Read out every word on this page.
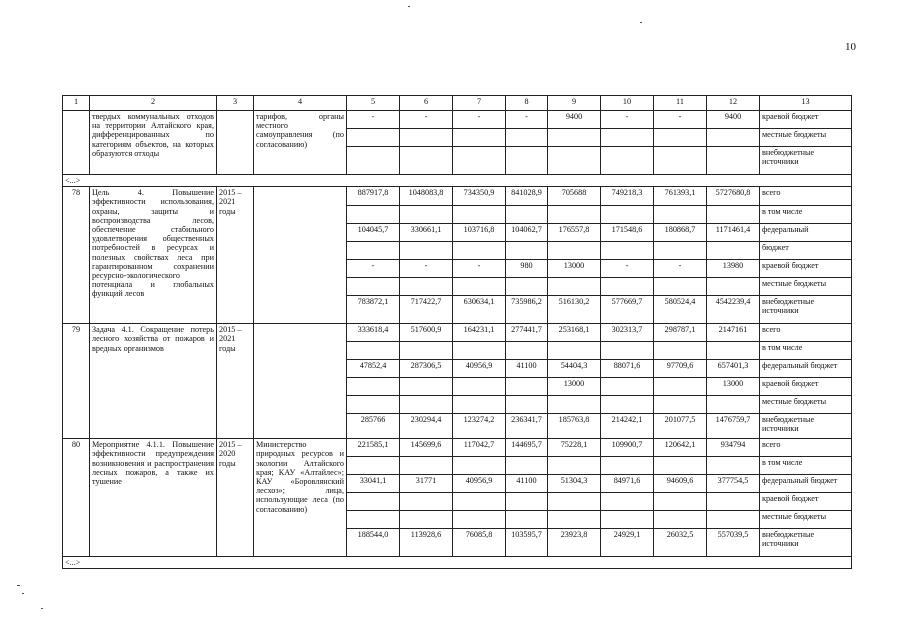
10
1	2	3	4	5	6	7	8	9	10	11	12	13
	твердых коммунальных отходов на территории Алтайского края, дифференцированных по категориям объектов, на которых образуются отходы		тарифов, органы местного самоуправления (по согласованию)	-	-	-	-	9400	-	-	9400	краевой бюджет
												местные бюджеты
												внебюджетные источники
<...>												
78	Цель 4. Повышение эффективности использования, охраны, защиты и воспроизводства лесов, обеспечение стабильного удовлетворения общественных потребностей в ресурсах и полезных свойствах леса при гарантированном сохранении ресурсно-экологического потенциала и глобальных функций лесов	2015 – 2021 годы		887917,8	1048083,8	734350,9	841028,9	705688	749218,3	761393,1	5727680,8	всего
												в том числе
				104045,7	330661,1	103716,8	104062,7	176557,8	171548,6	180868,7	1171461,4	федеральный
												бюджет
				-	-	-	980	13000	-	-	13980	краевой бюджет
												местные бюджеты
				783872,1	717422,7	630634,1	735986,2	516130,2	577669,7	580524,4	4542239,4	внебюджетные источники
79	Задача 4.1. Сокращение потерь лесного хозяйства от пожаров и вредных организмов	2015 – 2021 годы		333618,4	517600,9	164231,1	277441,7	253168,1	302313,7	298787,1	2147161	всего
												в том числе
				47852,4	287306,5	40956,9	41100	54404,3	88071,6	97709,6	657401,3	федеральный бюджет
								13000			13000	краевой бюджет
												местные бюджеты
				285766	230294,4	123274,2	236341,7	185763,8	214242,1	201077,5	1476759,7	внебюджетные источники
80	Мероприятие 4.1.1. Повышение эффективности предупреждения возникновения и распространения лесных пожаров, а также их тушение	2015 – 2020 годы	Министерство природных ресурсов и экологии Алтайского края; КАУ «Алтайлес»; КАУ «Боровлянский лесхоз»; лица, использующие леса (по согласованию)	221585,1	145699,6	117042,7	144695,7	75228,1	109900,7	120642,1	934794	всего
												в том числе
				33041,1	31771	40956,9	41100	51304,3	84971,6	94609,6	377754,5	федеральный бюджет
												краевой бюджет
												местные бюджеты
				188544,0	113928,6	76085,8	103595,7	23923,8	24929,1	26032,5	557039,5	внебюджетные источники
<...>												
